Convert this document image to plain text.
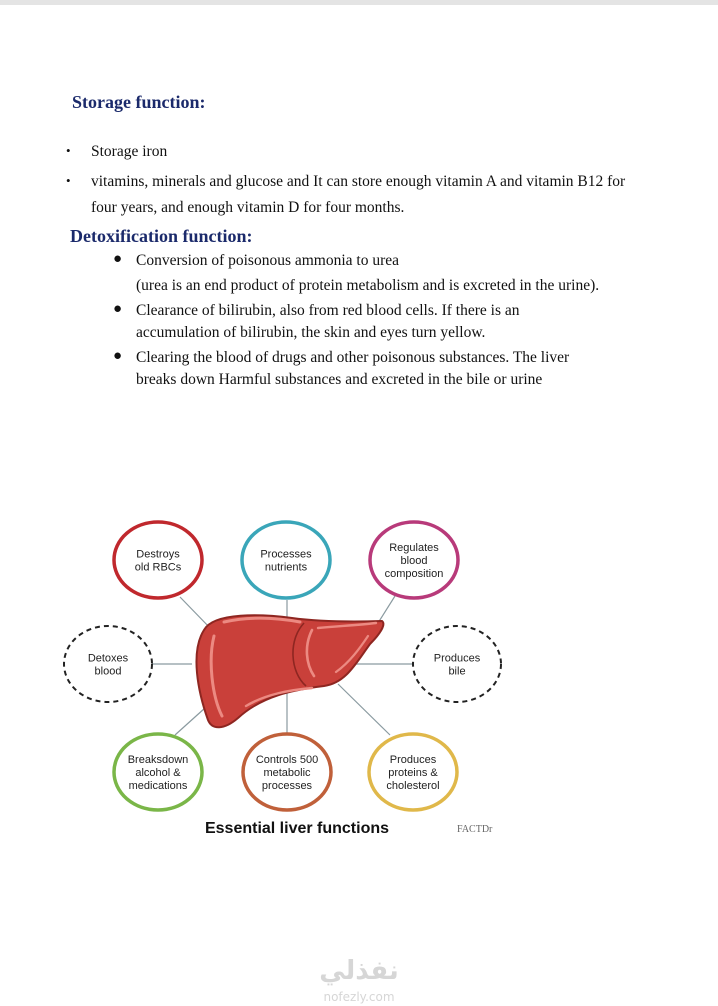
Storage function:
• Storage iron

• vitamins, minerals and glucose and It can store enough vitamin A and vitamin B12 for

four years, and enough vitamin D for four months.

Detoxification function:
● Conversion of poisonous ammonia to urea

(urea is an end product of protein metabolism and is excreted in the urine).

● Clearance of bilirubin, also from red blood cells. If there is an

accumulation of bilirubin, the skin and eyes turn yellow.

● Clearing the blood of drugs and other poisonous substances. The liver

breaks down Harmful substances and excreted in the bile or urine

Destroys
old RBCs
Processes
nutrients
Regulates
blood
composition
Detoxes
blood
Produces
bile
Breaksdown
alcohol &
medications
Controls 500
metabolic
processes
Produces
proteins &
cholesterol
Essential liver functions	FACTDr
نفذلي
nofezly.com
